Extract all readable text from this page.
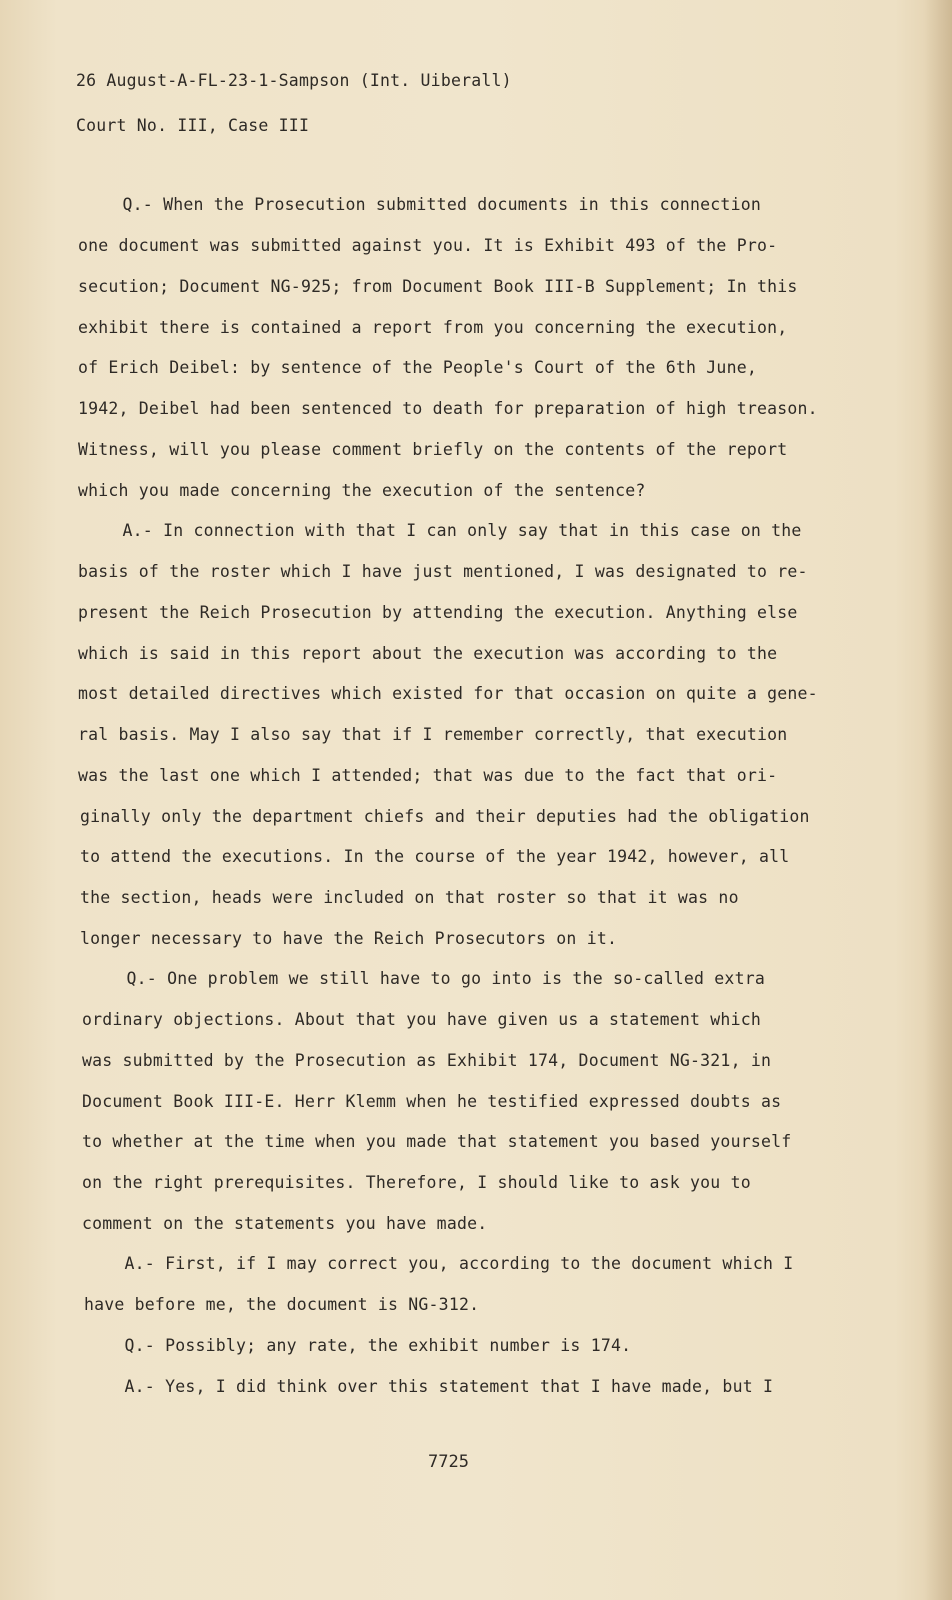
26 August-A-FL-23-1-Sampson (Int. Uiberall)
Court No. III, Case III
Q.- When the Prosecution submitted documents in this connection
one document was submitted against you. It is Exhibit 493 of the Pro-
secution; Document NG-925; from Document Book III-B Supplement; In this
exhibit there is contained a report from you concerning the execution,
of Erich Deibel: by sentence of the People's Court of the 6th June,
1942, Deibel had been sentenced to death for preparation of high treason.
Witness, will you please comment briefly on the contents of the report
which you made concerning the execution of the sentence?
A.- In connection with that I can only say that in this case on the
basis of the roster which I have just mentioned, I was designated to re-
present the Reich Prosecution by attending the execution. Anything else
which is said in this report about the execution was according to the
most detailed directives which existed for that occasion on quite a gene-
ral basis. May I also say that if I remember correctly, that execution
was the last one which I attended; that was due to the fact that ori-
ginally only the department chiefs and their deputies had the obligation
to attend the executions. In the course of the year 1942, however, all
the section, heads were included on that roster so that it was no
longer necessary to have the Reich Prosecutors on it.
Q.- One problem we still have to go into is the so-called extra
ordinary objections. About that you have given us a statement which
was submitted by the Prosecution as Exhibit 174, Document NG-321, in
Document Book III-E. Herr Klemm when he testified expressed doubts as
to whether at the time when you made that statement you based yourself
on the right prerequisites. Therefore, I should like to ask you to
comment on the statements you have made.
A.- First, if I may correct you, according to the document which I
have before me, the document is NG-312.
Q.- Possibly; any rate, the exhibit number is 174.
A.- Yes, I did think over this statement that I have made, but I
7725
